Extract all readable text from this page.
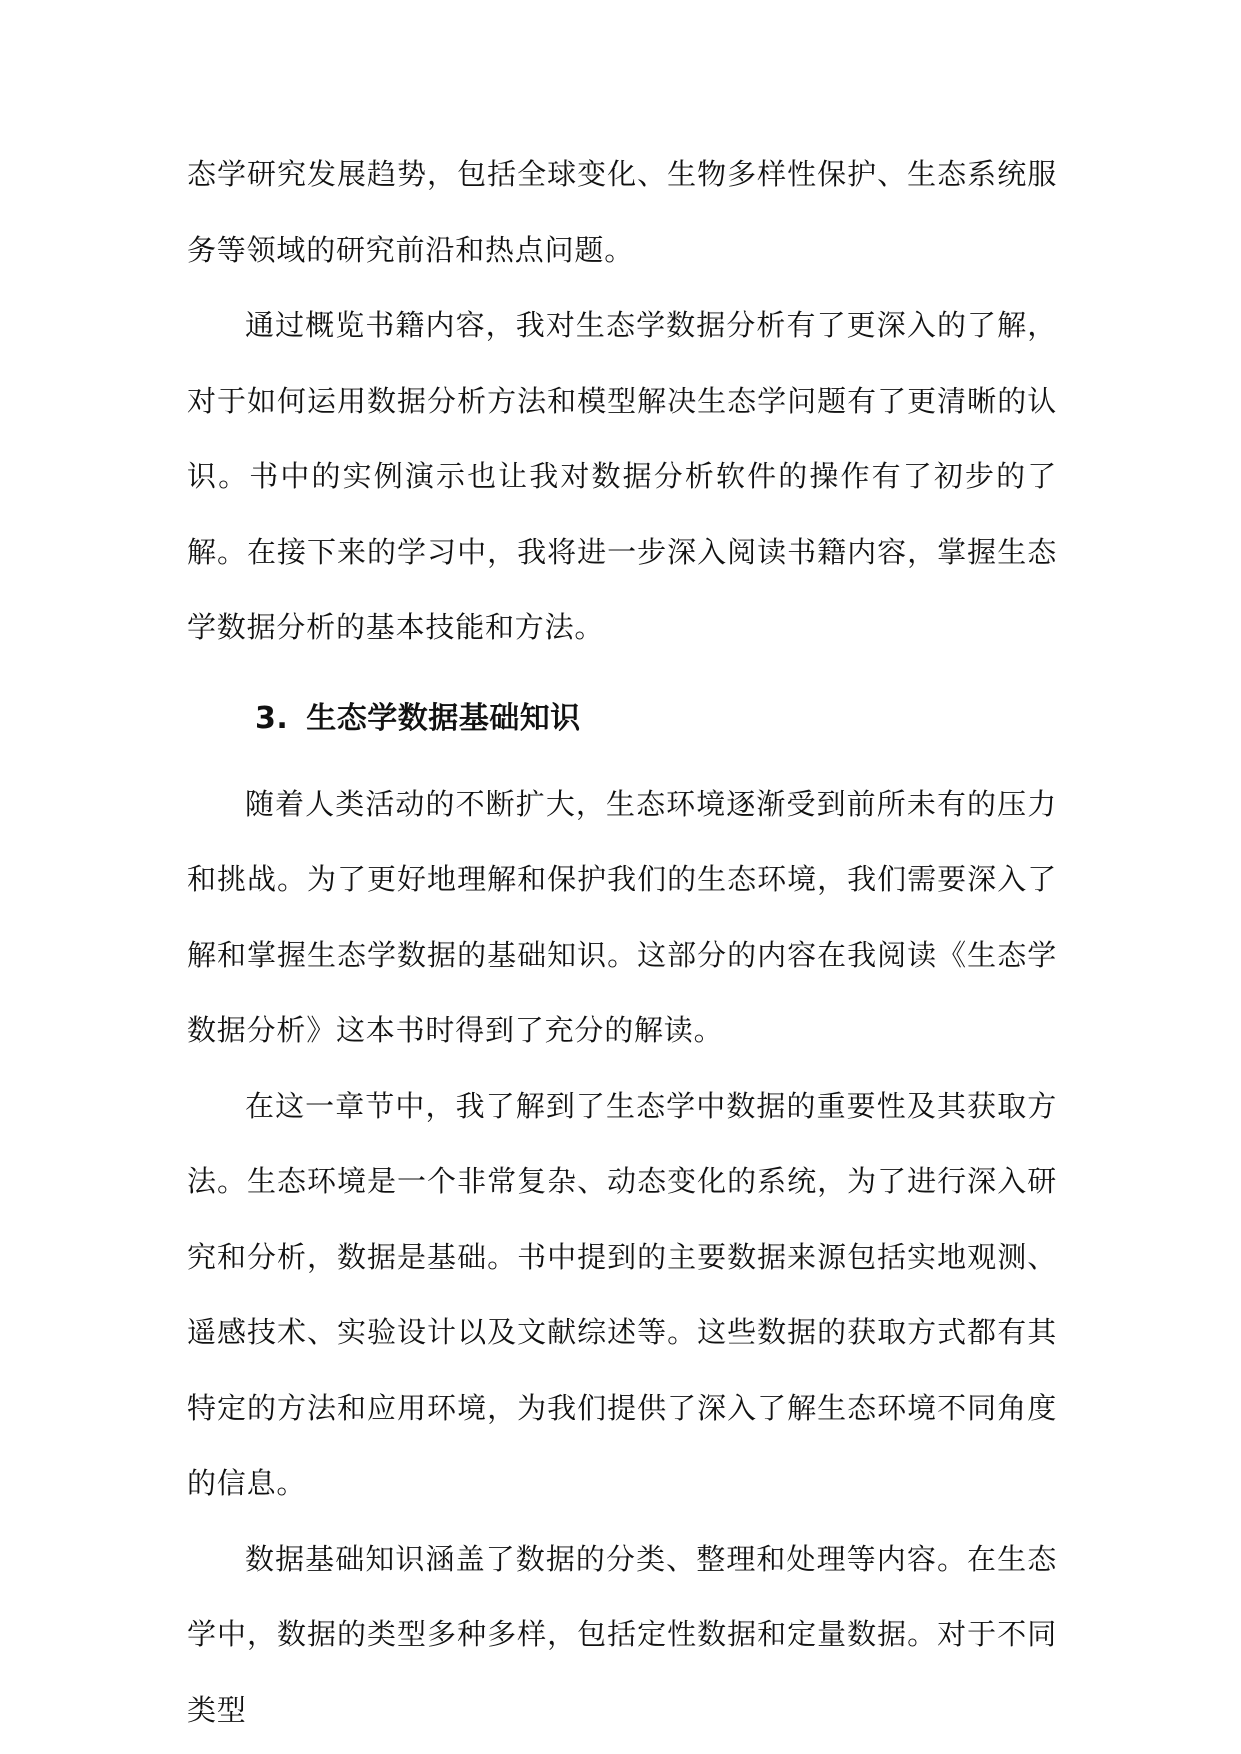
态学研究发展趋势，包括全球变化、生物多样性保护、生态系统服务等领域的研究前沿和热点问题。

通过概览书籍内容，我对生态学数据分析有了更深入的了解，对于如何运用数据分析方法和模型解决生态学问题有了更清晰的认识。书中的实例演示也让我对数据分析软件的操作有了初步的了解。在接下来的学习中，我将进一步深入阅读书籍内容，掌握生态学数据分析的基本技能和方法。

3. 生态学数据基础知识

随着人类活动的不断扩大，生态环境逐渐受到前所未有的压力和挑战。为了更好地理解和保护我们的生态环境，我们需要深入了解和掌握生态学数据的基础知识。这部分的内容在我阅读《生态学数据分析》这本书时得到了充分的解读。

在这一章节中，我了解到了生态学中数据的重要性及其获取方法。生态环境是一个非常复杂、动态变化的系统，为了进行深入研究和分析，数据是基础。书中提到的主要数据来源包括实地观测、遥感技术、实验设计以及文献综述等。这些数据的获取方式都有其特定的方法和应用环境，为我们提供了深入了解生态环境不同角度的信息。

数据基础知识涵盖了数据的分类、整理和处理等内容。在生态学中，数据的类型多种多样，包括定性数据和定量数据。对于不同类型
